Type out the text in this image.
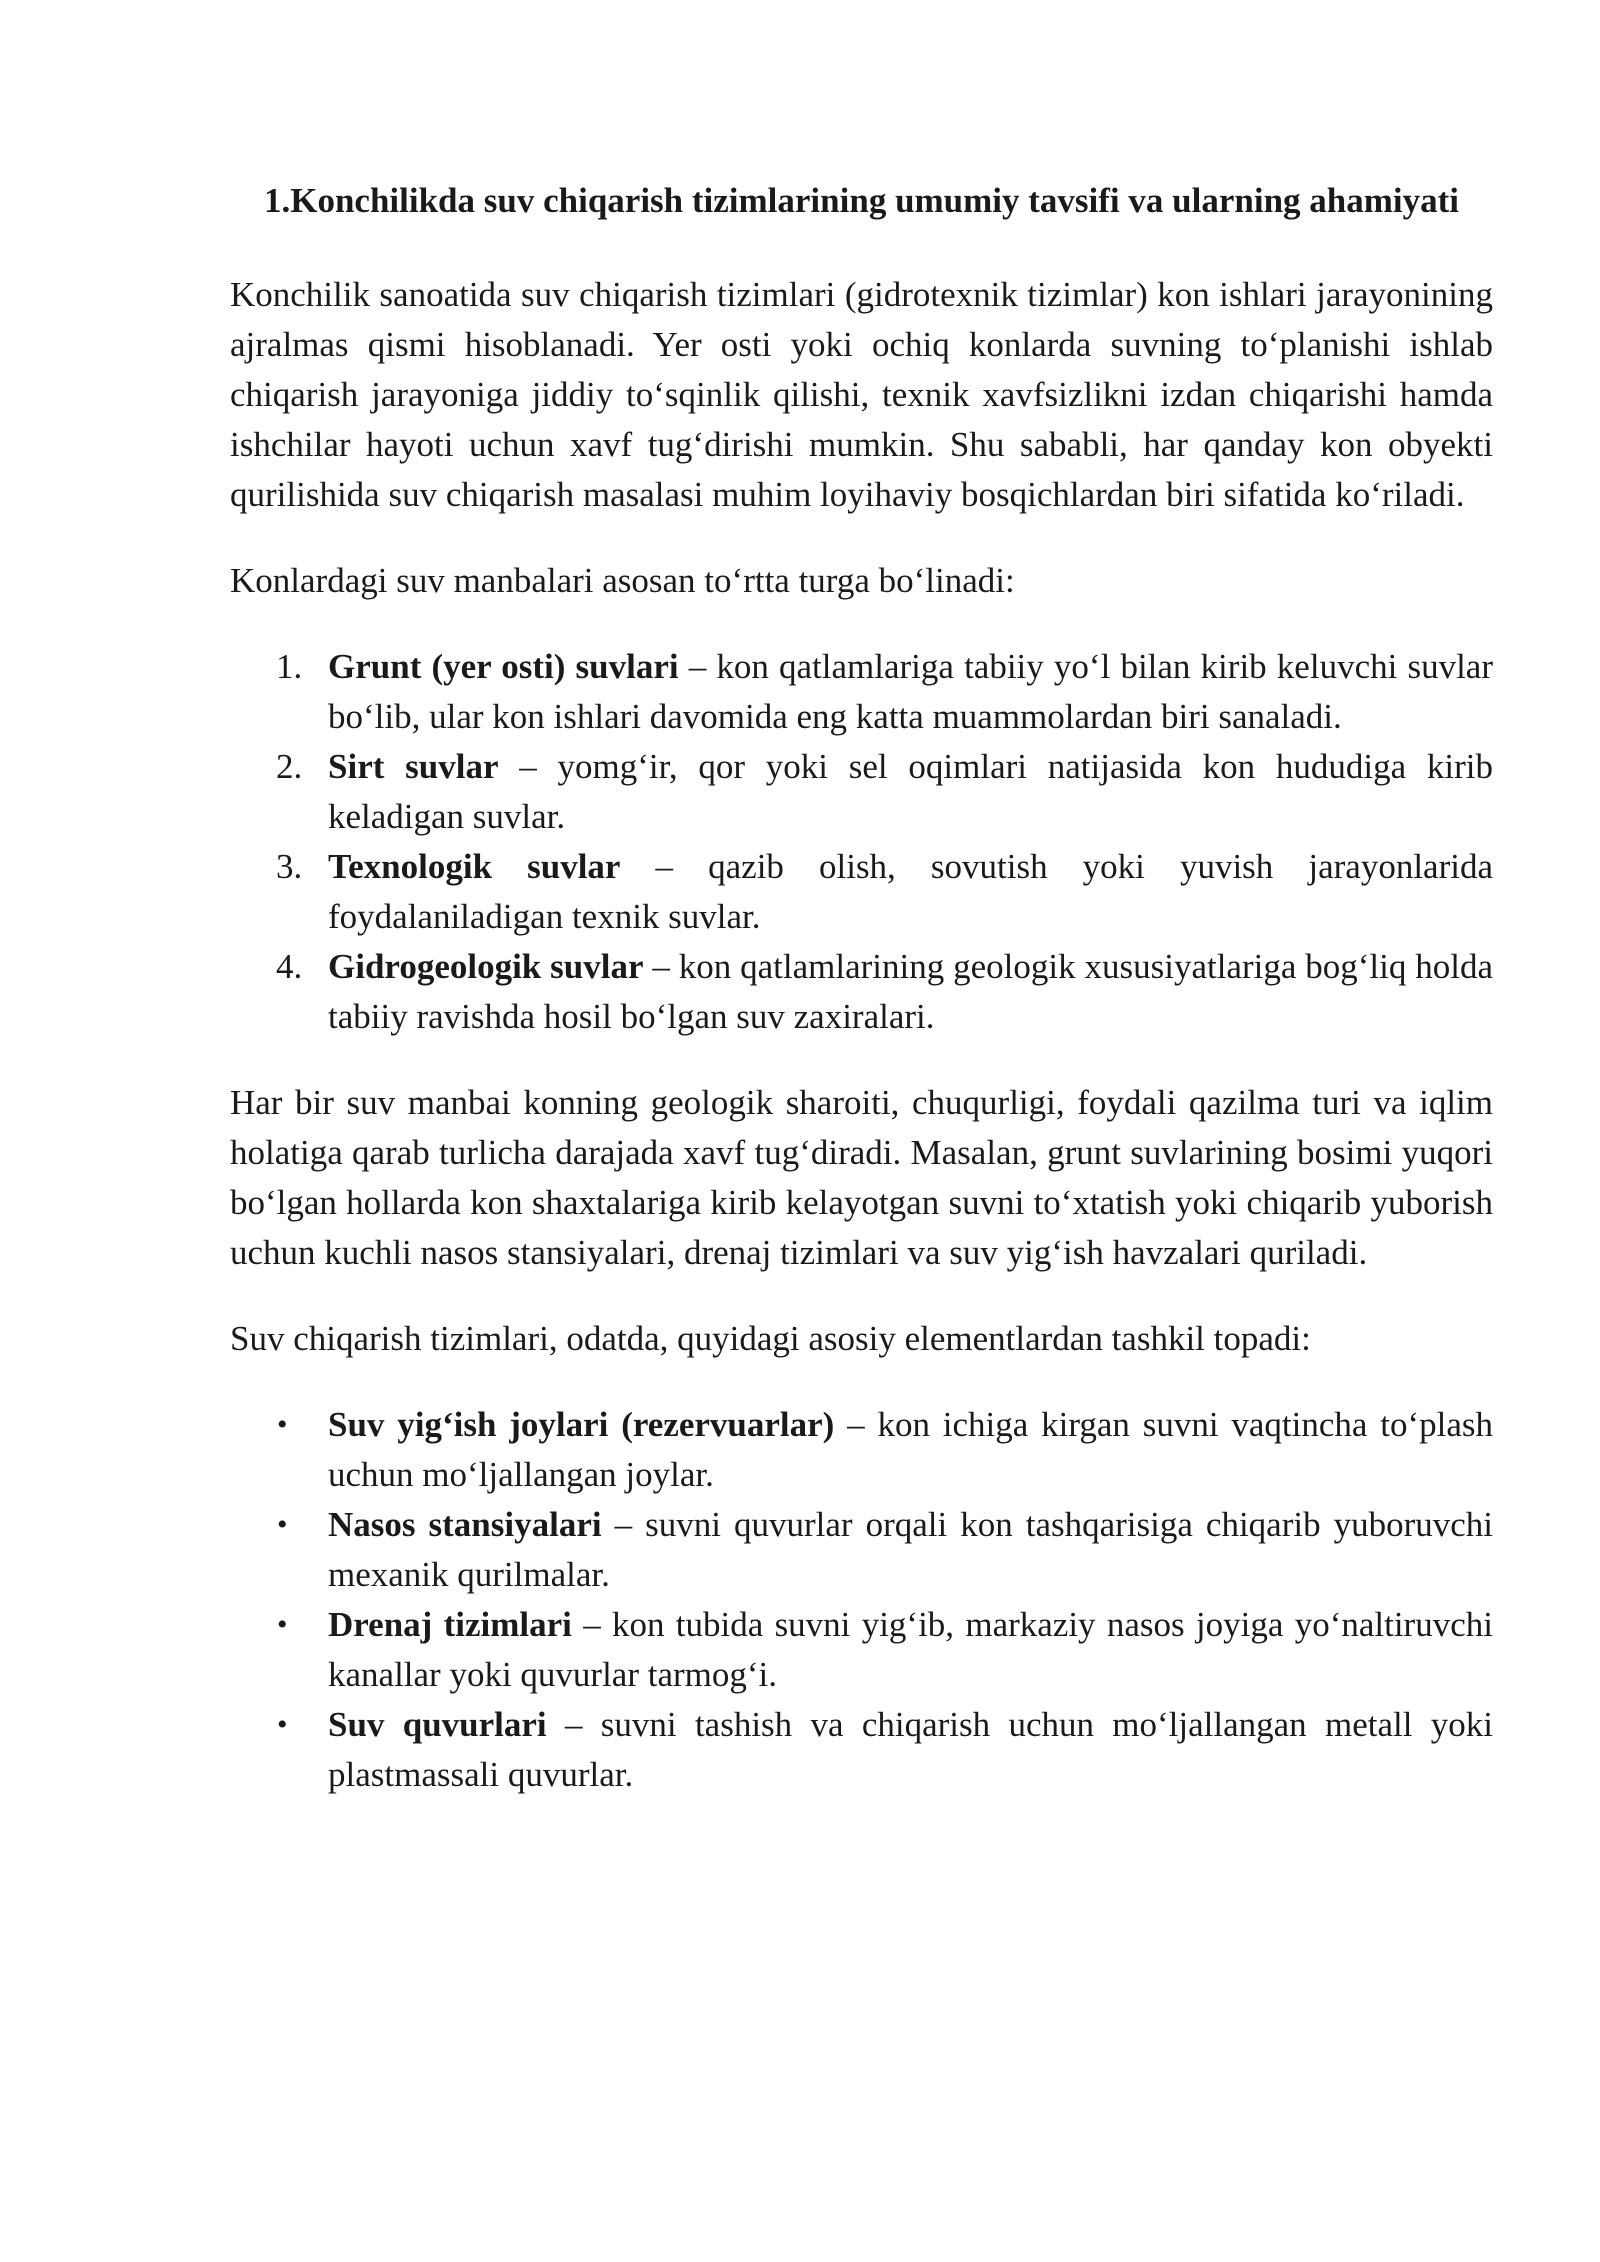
1.Konchilikda suv chiqarish tizimlarining umumiy tavsifi va ularning ahamiyati

Konchilik sanoatida suv chiqarish tizimlari (gidrotexnik tizimlar) kon ishlari jarayonining ajralmas qismi hisoblanadi. Yer osti yoki ochiq konlarda suvning to‘planishi ishlab chiqarish jarayoniga jiddiy to‘sqinlik qilishi, texnik xavfsizlikni izdan chiqarishi hamda ishchilar hayoti uchun xavf tug‘dirishi mumkin. Shu sababli, har qanday kon obyekti qurilishida suv chiqarish masalasi muhim loyihaviy bosqichlardan biri sifatida ko‘riladi.

Konlardagi suv manbalari asosan to‘rtta turga bo‘linadi:

1. Grunt (yer osti) suvlari – kon qatlamlariga tabiiy yo‘l bilan kirib keluvchi suvlar bo‘lib, ular kon ishlari davomida eng katta muammolardan biri sanaladi.
2. Sirt suvlar – yomg‘ir, qor yoki sel oqimlari natijasida kon hududiga kirib keladigan suvlar.
3. Texnologik suvlar – qazib olish, sovutish yoki yuvish jarayonlarida foydalaniladigan texnik suvlar.
4. Gidrogeologik suvlar – kon qatlamlarining geologik xususiyatlariga bog‘liq holda tabiiy ravishda hosil bo‘lgan suv zaxiralari.

Har bir suv manbai konning geologik sharoiti, chuqurligi, foydali qazilma turi va iqlim holatiga qarab turlicha darajada xavf tug‘diradi. Masalan, grunt suvlarining bosimi yuqori bo‘lgan hollarda kon shaxtalariga kirib kelayotgan suvni to‘xtatish yoki chiqarib yuborish uchun kuchli nasos stansiyalari, drenaj tizimlari va suv yig‘ish havzalari quriladi.

Suv chiqarish tizimlari, odatda, quyidagi asosiy elementlardan tashkil topadi:

• Suv yig‘ish joylari (rezervuarlar) – kon ichiga kirgan suvni vaqtincha to‘plash uchun mo‘ljallangan joylar.
• Nasos stansiyalari – suvni quvurlar orqali kon tashqarisiga chiqarib yuboruvchi mexanik qurilmalar.
• Drenaj tizimlari – kon tubida suvni yig‘ib, markaziy nasos joyiga yo‘naltiruvchi kanallar yoki quvurlar tarmog‘i.
• Suv quvurlari – suvni tashish va chiqarish uchun mo‘ljallangan metall yoki plastmassali quvurlar.
